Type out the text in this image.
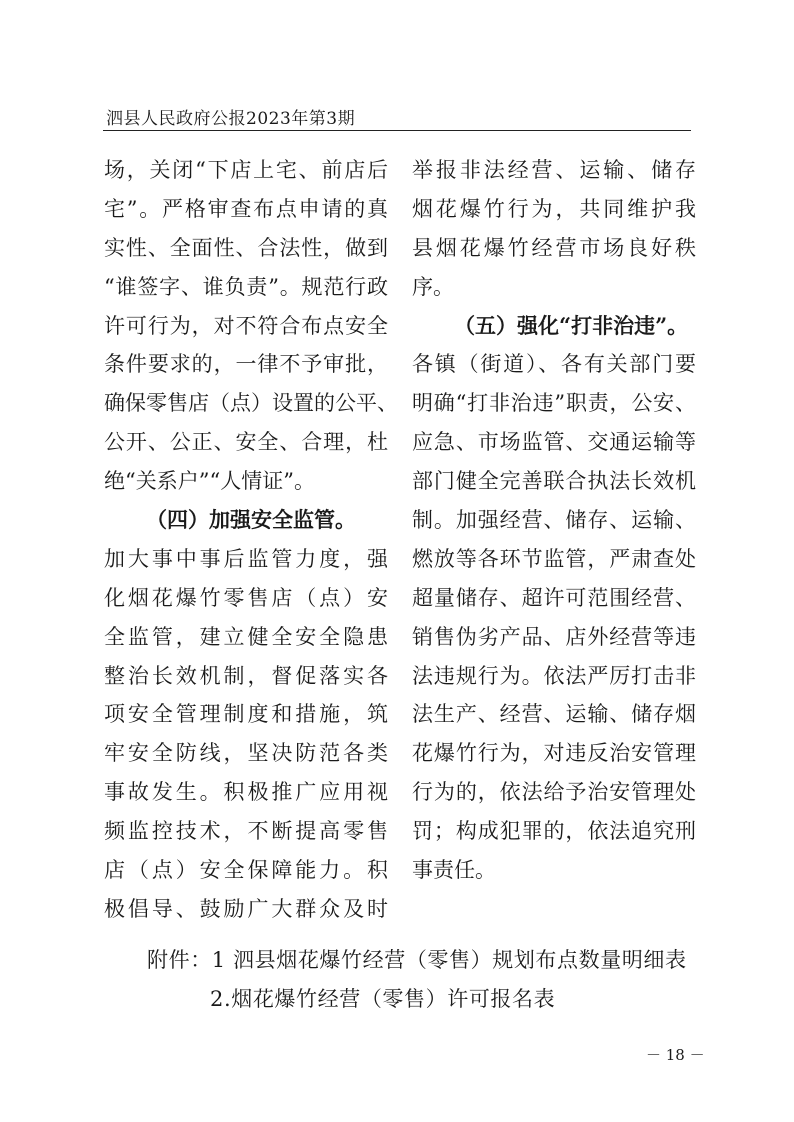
泗县人民政府公报2023年第3期
场，关闭“下店上宅、前店后
宅”。严格审查布点申请的真
实性、全面性、合法性，做到
“谁签字、谁负责”。规范行政
许可行为，对不符合布点安全
条件要求的，一律不予审批，
确保零售店（点）设置的公平、
公开、公正、安全、合理，杜
绝“关系户”“人情证”。
（四）加强安全监管。
加大事中事后监管力度，强
化烟花爆竹零售店（点）安
全监管，建立健全安全隐患
整治长效机制，督促落实各
项安全管理制度和措施，筑
牢安全防线，坚决防范各类
事故发生。积极推广应用视
频监控技术，不断提高零售
店（点）安全保障能力。积
极倡导、鼓励广大群众及时
举报非法经营、运输、储存
烟花爆竹行为，共同维护我
县烟花爆竹经营市场良好秩
序。
（五）强化“打非治违”。
各镇（街道）、各有关部门要
明确“打非治违”职责，公安、
应急、市场监管、交通运输等
部门健全完善联合执法长效机
制。加强经营、储存、运输、
燃放等各环节监管，严肃查处
超量储存、超许可范围经营、
销售伪劣产品、店外经营等违
法违规行为。依法严厉打击非
法生产、经营、运输、储存烟
花爆竹行为，对违反治安管理
行为的，依法给予治安管理处
罚；构成犯罪的，依法追究刑
事责任。
附件：1 泗县烟花爆竹经营（零售）规划布点数量明细表
2.烟花爆竹经营（零售）许可报名表
－ 18 －
